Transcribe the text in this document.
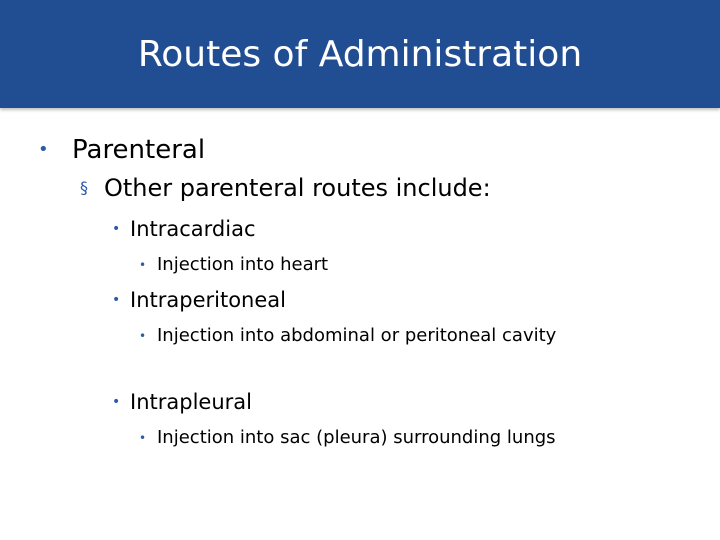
Routes of Administration
• Parenteral
§ Other parenteral routes include:
• Intracardiac
• Injection into heart
• Intraperitoneal
• Injection into abdominal or peritoneal cavity
• Intrapleural
• Injection into sac (pleura) surrounding lungs
